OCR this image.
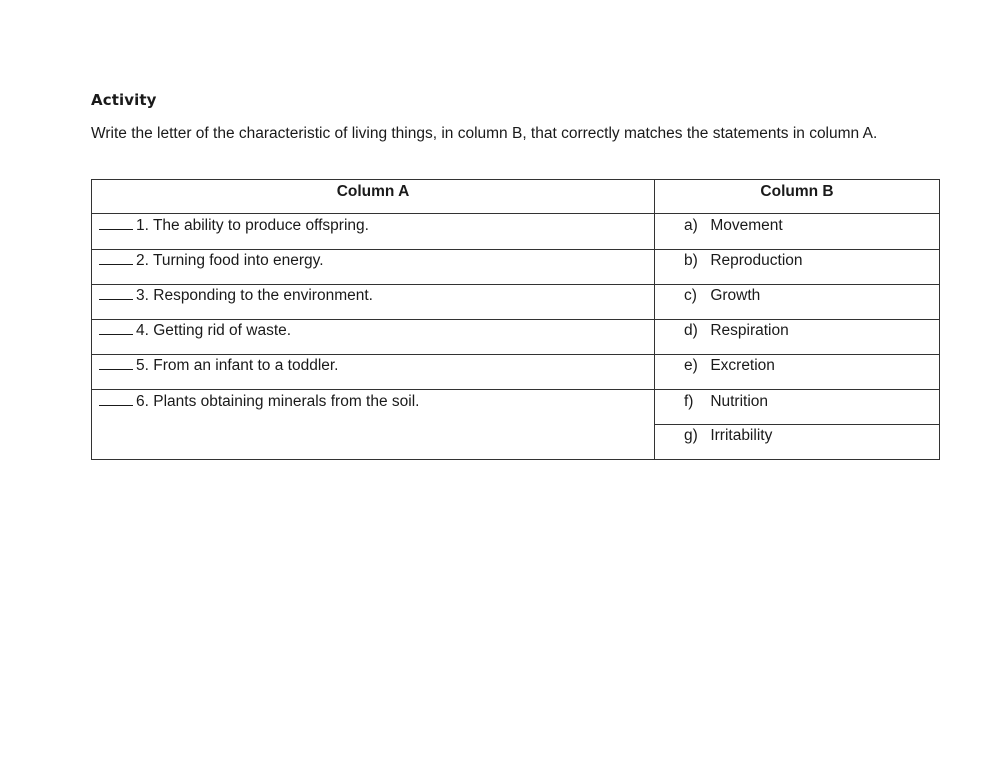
Activity
Write the letter of the characteristic of living things, in column B, that correctly matches the statements in column A.
Column A	Column B
1. The ability to produce offspring.
2. Turning food into energy.
3. Responding to the environment.
4. Getting rid of waste.
5. From an infant to a toddler.
6. Plants obtaining minerals from the soil.
a) Movement
b) Reproduction
c) Growth
d) Respiration
e) Excretion
f) Nutrition
g) Irritability
